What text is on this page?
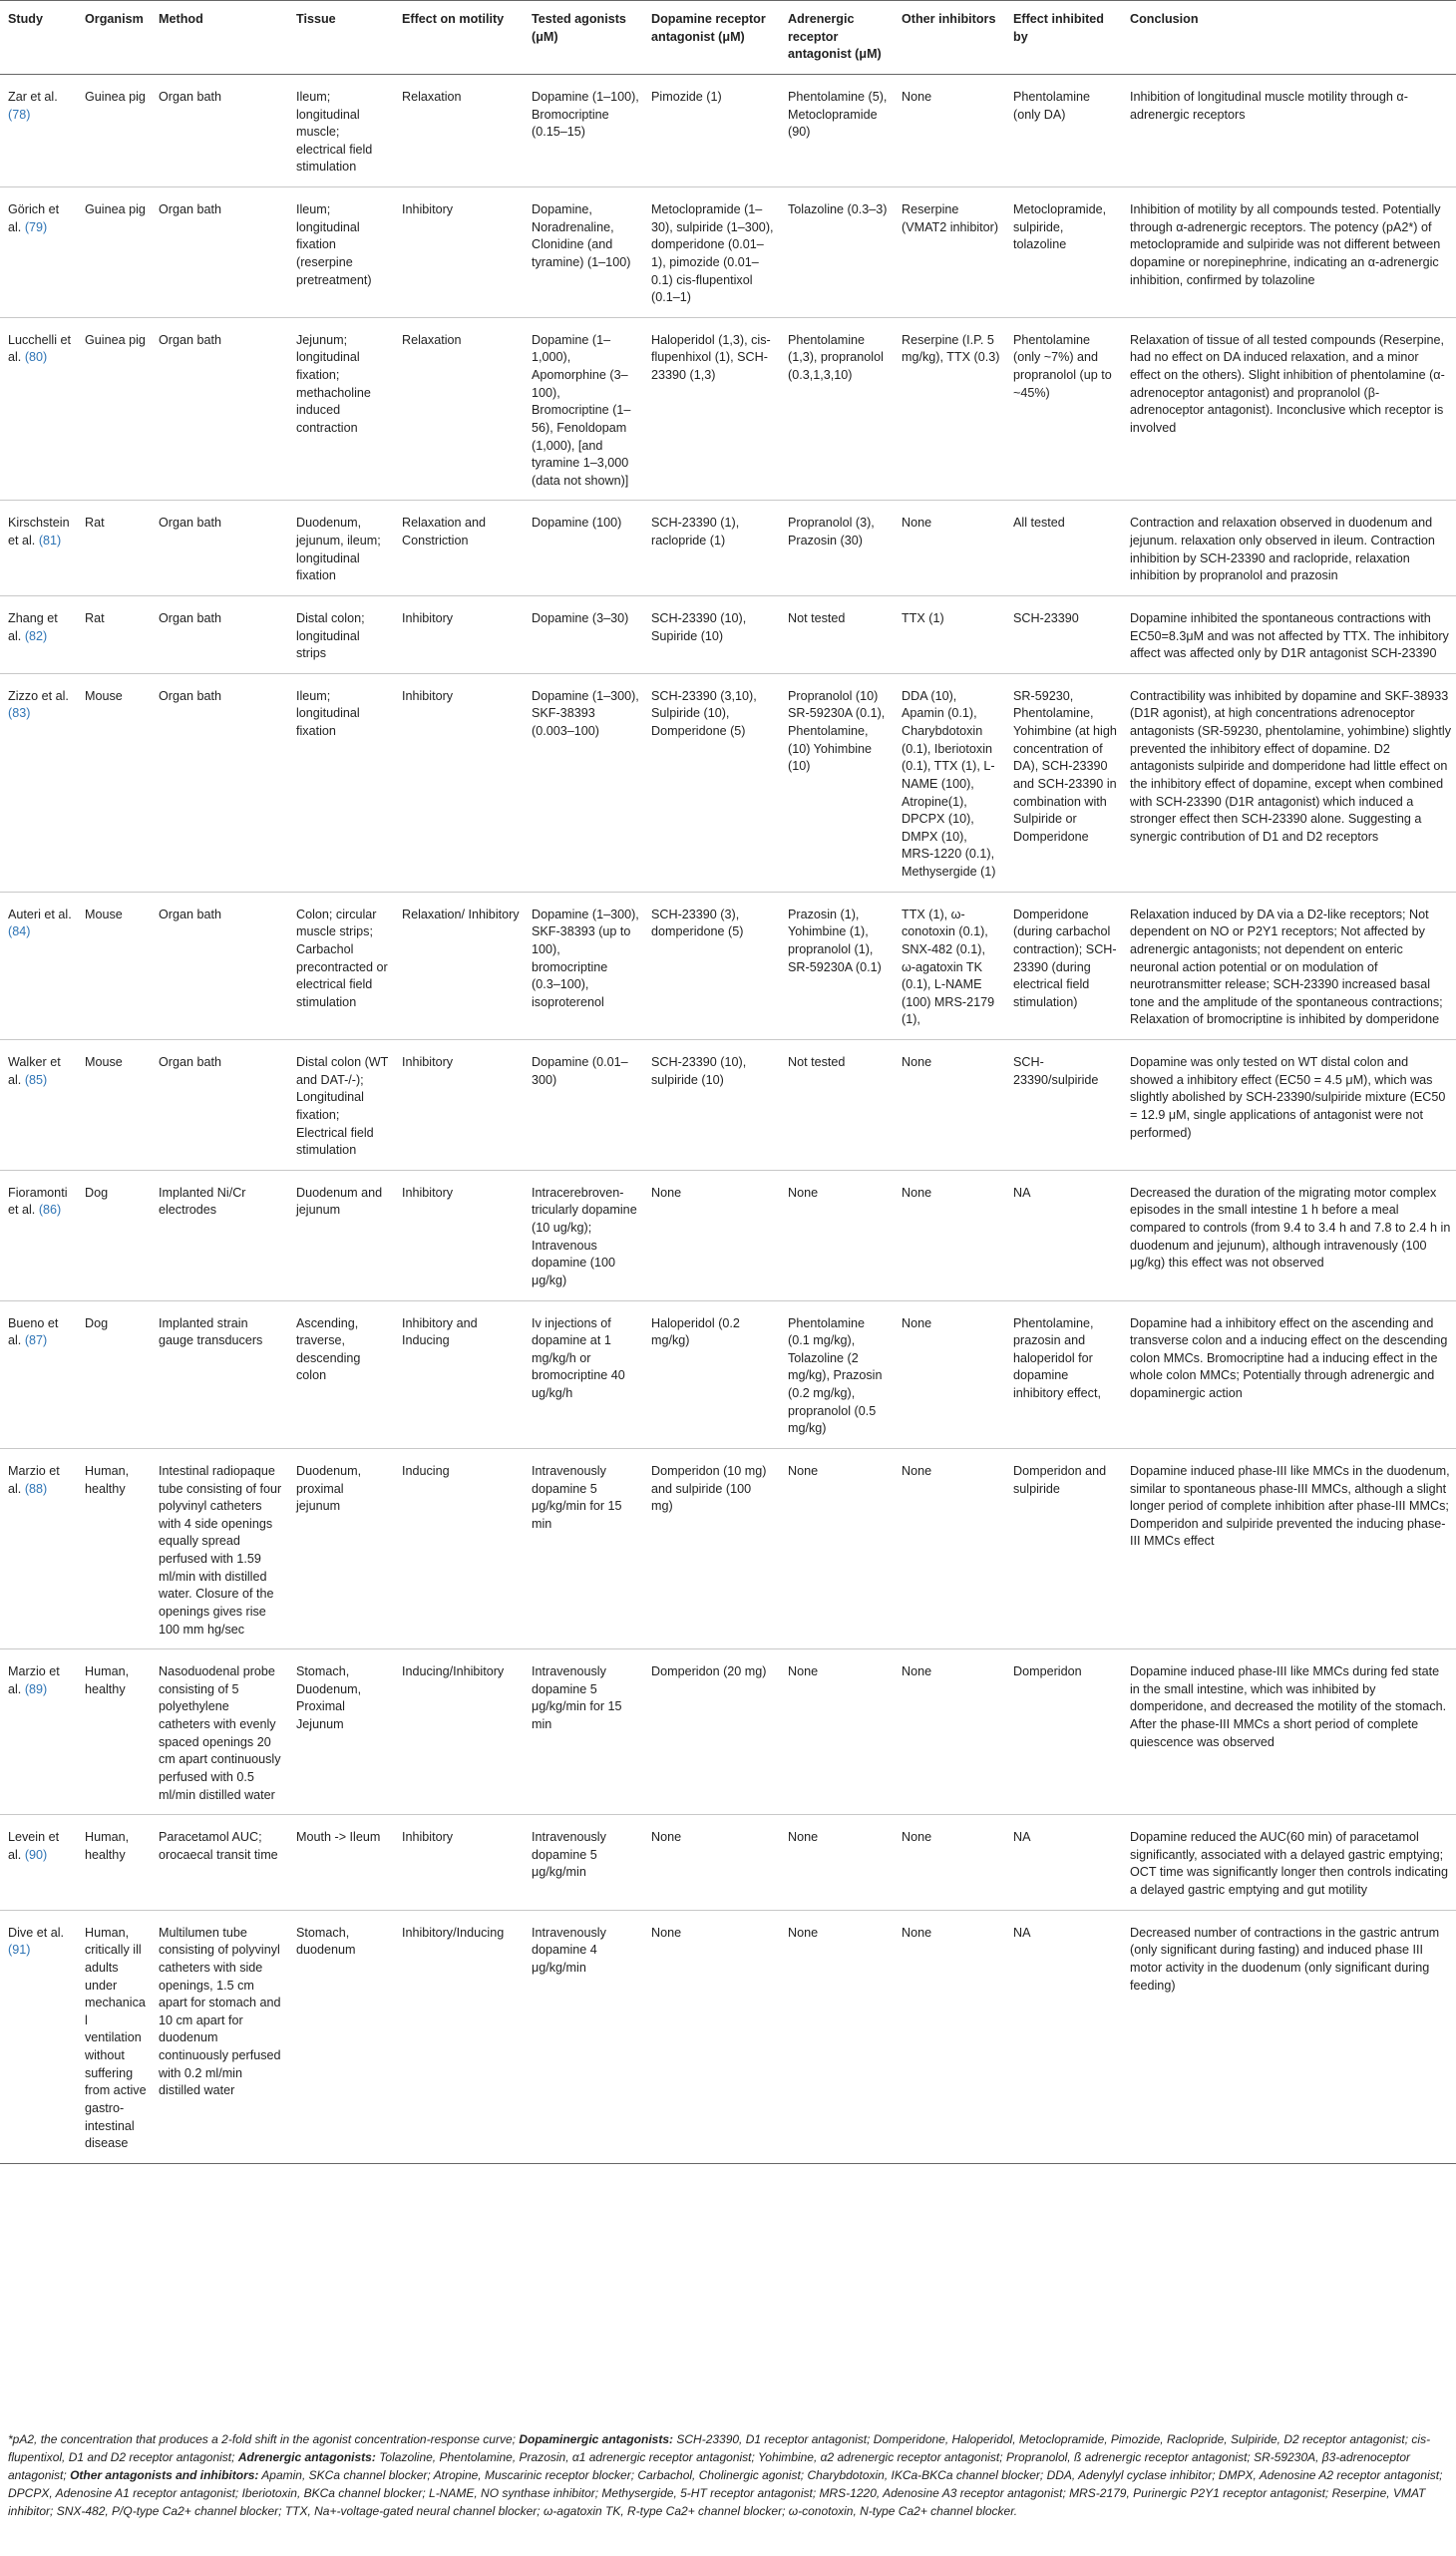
Study	Organism	Method	Tissue	Effect on motility	Tested agonists (μM)	Dopamine receptor antagonist (μM)	Adrenergic receptor antagonist (μM)	Other inhibitors	Effect inhibited by	Conclusion
Zar et al. (78)	Guinea pig	Organ bath	Ileum; longitudinal muscle; electrical field stimulation	Relaxation	Dopamine (1–100), Bromocriptine (0.15–15)	Pimozide (1)	Phentolamine (5), Metoclopramide (90)	None	Phentolamine (only DA)	Inhibition of longitudinal muscle motility through α-adrenergic receptors
Görich et al. (79)	Guinea pig	Organ bath	Ileum; longitudinal fixation (reserpine pretreatment)	Inhibitory	Dopamine, Noradrenaline, Clonidine (and tyramine) (1–100)	Metoclopramide (1–30), sulpiride (1–300), domperidone (0.01–1), pimozide (0.01–0.1) cis-flupentixol (0.1–1)	Tolazoline (0.3–3)	Reserpine (VMAT2 inhibitor)	Metoclopramide, sulpiride, tolazoline	Inhibition of motility by all compounds tested. Potentially through α-adrenergic receptors. The potency (pA2*) of metoclopramide and sulpiride was not different between dopamine or norepinephrine, indicating an α-adrenergic inhibition, confirmed by tolazoline
Lucchelli et al. (80)	Guinea pig	Organ bath	Jejunum; longitudinal fixation; methacholine induced contraction	Relaxation	Dopamine (1–1,000), Apomorphine (3–100), Bromocriptine (1–56), Fenoldopam (1,000), [and tyramine 1–3,000 (data not shown)]	Haloperidol (1,3), cis-flupenhixol (1), SCH-23390 (1,3)	Phentolamine (1,3), propranolol (0.3,1,3,10)	Reserpine (I.P. 5 mg/kg), TTX (0.3)	Phentolamine (only ~7%) and propranolol (up to ~45%)	Relaxation of tissue of all tested compounds (Reserpine, had no effect on DA induced relaxation, and a minor effect on the others). Slight inhibition of phentolamine (α-adrenoceptor antagonist) and propranolol (β-adrenoceptor antagonist). Inconclusive which receptor is involved
Kirschstein et al. (81)	Rat	Organ bath	Duodenum, jejunum, ileum; longitudinal fixation	Relaxation and Constriction	Dopamine (100)	SCH-23390 (1), raclopride (1)	Propranolol (3), Prazosin (30)	None	All tested	Contraction and relaxation observed in duodenum and jejunum. relaxation only observed in ileum. Contraction inhibition by SCH-23390 and raclopride, relaxation inhibition by propranolol and prazosin
Zhang et al. (82)	Rat	Organ bath	Distal colon; longitudinal strips	Inhibitory	Dopamine (3–30)	SCH-23390 (10), Supiride (10)	Not tested	TTX (1)	SCH-23390	Dopamine inhibited the spontaneous contractions with EC50=8.3μM and was not affected by TTX. The inhibitory affect was affected only by D1R antagonist SCH-23390
Zizzo et al. (83)	Mouse	Organ bath	Ileum; longitudinal fixation	Inhibitory	Dopamine (1–300), SKF-38393 (0.003–100)	SCH-23390 (3,10), Sulpiride (10), Domperidone (5)	Propranolol (10) SR-59230A (0.1), Phentolamine, (10) Yohimbine (10)	DDA (10), Apamin (0.1), Charybdotoxin (0.1), Iberiotoxin (0.1), TTX (1), L-NAME (100), Atropine(1), DPCPX (10), DMPX (10), MRS-1220 (0.1), Methysergide (1)	SR-59230, Phentolamine, Yohimbine (at high concentration of DA), SCH-23390 and SCH-23390 in combination with Sulpiride or Domperidone	Contractibility was inhibited by dopamine and SKF-38933 (D1R agonist), at high concentrations adrenoceptor antagonists (SR-59230, phentolamine, yohimbine) slightly prevented the inhibitory effect of dopamine. D2 antagonists sulpiride and domperidone had little effect on the inhibitory effect of dopamine, except when combined with SCH-23390 (D1R antagonist) which induced a stronger effect then SCH-23390 alone. Suggesting a synergic contribution of D1 and D2 receptors
Auteri et al. (84)	Mouse	Organ bath	Colon; circular muscle strips; Carbachol precontracted or electrical field stimulation	Relaxation/ Inhibitory	Dopamine (1–300), SKF-38393 (up to 100), bromocriptine (0.3–100), isoproterenol	SCH-23390 (3), domperidone (5)	Prazosin (1), Yohimbine (1), propranolol (1), SR-59230A (0.1)	TTX (1), ω-conotoxin (0.1), SNX-482 (0.1), ω-agatoxin TK (0.1), L-NAME (100) MRS-2179 (1),	Domperidone (during carbachol contraction); SCH-23390 (during electrical field stimulation)	Relaxation induced by DA via a D2-like receptors; Not dependent on NO or P2Y1 receptors; Not affected by adrenergic antagonists; not dependent on enteric neuronal action potential or on modulation of neurotransmitter release; SCH-23390 increased basal tone and the amplitude of the spontaneous contractions; Relaxation of bromocriptine is inhibited by domperidone
Walker et al. (85)	Mouse	Organ bath	Distal colon (WT and DAT-/-); Longitudinal fixation; Electrical field stimulation	Inhibitory	Dopamine (0.01–300)	SCH-23390 (10), sulpiride (10)	Not tested	None	SCH-23390/sulpiride	Dopamine was only tested on WT distal colon and showed a inhibitory effect (EC50 = 4.5 μM), which was slightly abolished by SCH-23390/sulpiride mixture (EC50 = 12.9 μM, single applications of antagonist were not performed)
Fioramonti et al. (86)	Dog	Implanted Ni/Cr electrodes	Duodenum and jejunum	Inhibitory	Intracerebroven-tricularly dopamine (10 ug/kg); Intravenous dopamine (100 μg/kg)	None	None	None	NA	Decreased the duration of the migrating motor complex episodes in the small intestine 1 h before a meal compared to controls (from 9.4 to 3.4 h and 7.8 to 2.4 h in duodenum and jejunum), although intravenously (100 μg/kg) this effect was not observed
Bueno et al. (87)	Dog	Implanted strain gauge transducers	Ascending, traverse, descending colon	Inhibitory and Inducing	Iv injections of dopamine at 1 mg/kg/h or bromocriptine 40 ug/kg/h	Haloperidol (0.2 mg/kg)	Phentolamine (0.1 mg/kg), Tolazoline (2 mg/kg), Prazosin (0.2 mg/kg), propranolol (0.5 mg/kg)	None	Phentolamine, prazosin and haloperidol for dopamine inhibitory effect,	Dopamine had a inhibitory effect on the ascending and transverse colon and a inducing effect on the descending colon MMCs. Bromocriptine had a inducing effect in the whole colon MMCs; Potentially through adrenergic and dopaminergic action
Marzio et al. (88)	Human, healthy	Intestinal radiopaque tube consisting of four polyvinyl catheters with 4 side openings equally spread perfused with 1.59 ml/min with distilled water. Closure of the openings gives rise 100 mm hg/sec	Duodenum, proximal jejunum	Inducing	Intravenously dopamine 5 μg/kg/min for 15 min	Domperidon (10 mg) and sulpiride (100 mg)	None	None	Domperidon and sulpiride	Dopamine induced phase-III like MMCs in the duodenum, similar to spontaneous phase-III MMCs, although a slight longer period of complete inhibition after phase-III MMCs; Domperidon and sulpiride prevented the inducing phase-III MMCs effect
Marzio et al. (89)	Human, healthy	Nasoduodenal probe consisting of 5 polyethylene catheters with evenly spaced openings 20 cm apart continuously perfused with 0.5 ml/min distilled water	Stomach, Duodenum, Proximal Jejunum	Inducing/Inhibitory	Intravenously dopamine 5 μg/kg/min for 15 min	Domperidon (20 mg)	None	None	Domperidon	Dopamine induced phase-III like MMCs during fed state in the small intestine, which was inhibited by domperidone, and decreased the motility of the stomach. After the phase-III MMCs a short period of complete quiescence was observed
Levein et al. (90)	Human, healthy	Paracetamol AUC; orocaecal transit time	Mouth -> Ileum	Inhibitory	Intravenously dopamine 5 μg/kg/min	None	None	None	NA	Dopamine reduced the AUC(60 min) of paracetamol significantly, associated with a delayed gastric emptying; OCT time was significantly longer then controls indicating a delayed gastric emptying and gut motility
Dive et al. (91)	Human, critically ill adults under mechanical ventilation without suffering from active gastro-intestinal disease	Multilumen tube consisting of polyvinyl catheters with side openings, 1.5 cm apart for stomach and 10 cm apart for duodenum continuously perfused with 0.2 ml/min distilled water	Stomach, duodenum	Inhibitory/Inducing	Intravenously dopamine 4 μg/kg/min	None	None	None	NA	Decreased number of contractions in the gastric antrum (only significant during fasting) and induced phase III motor activity in the duodenum (only significant during feeding)

*pA2, the concentration that produces a 2-fold shift in the agonist concentration-response curve; Dopaminergic antagonists: SCH-23390, D1 receptor antagonist; Domperidone, Haloperidol, Metoclopramide, Pimozide, Raclopride, Sulpiride, D2 receptor antagonist; cis-flupentixol, D1 and D2 receptor antagonist; Adrenergic antagonists: Tolazoline, Phentolamine, Prazosin, α1 adrenergic receptor antagonist; Yohimbine, α2 adrenergic receptor antagonist; Propranolol, ß adrenergic receptor antagonist; SR-59230A, β3-adrenoceptor antagonist; Other antagonists and inhibitors: Apamin, SKCa channel blocker; Atropine, Muscarinic receptor blocker; Carbachol, Cholinergic agonist; Charybdotoxin, IKCa-BKCa channel blocker; DDA, Adenylyl cyclase inhibitor; DMPX, Adenosine A2 receptor antagonist; DPCPX, Adenosine A1 receptor antagonist; Iberiotoxin, BKCa channel blocker; L-NAME, NO synthase inhibitor; Methysergide, 5-HT receptor antagonist; MRS-1220, Adenosine A3 receptor antagonist; MRS-2179, Purinergic P2Y1 receptor antagonist; Reserpine, VMAT inhibitor; SNX-482, P/Q-type Ca2+ channel blocker; TTX, Na+-voltage-gated neural channel blocker; ω-agatoxin TK, R-type Ca2+ channel blocker; ω-conotoxin, N-type Ca2+ channel blocker.
